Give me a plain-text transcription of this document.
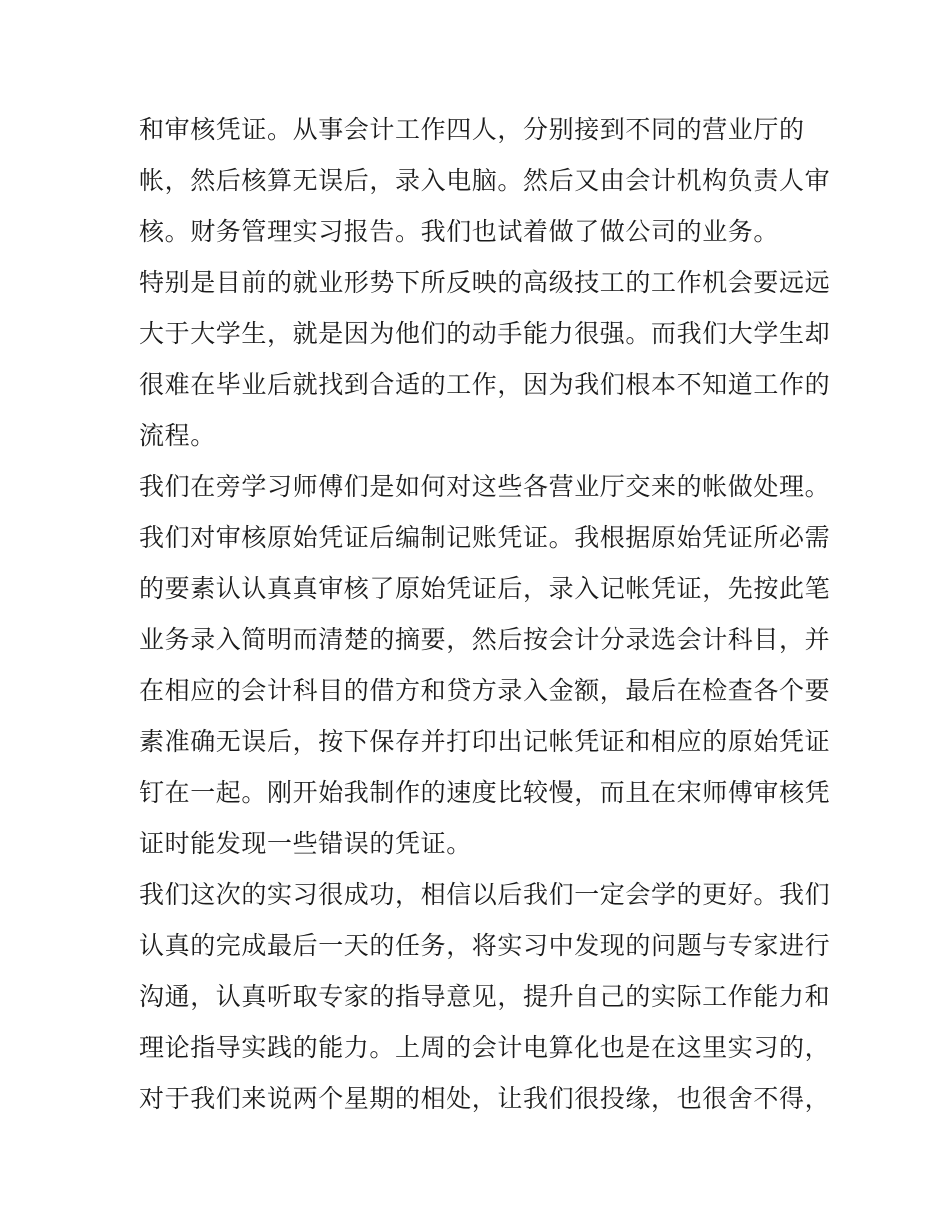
和审核凭证。从事会计工作四人，分别接到不同的营业厅的
帐，然后核算无误后，录入电脑。然后又由会计机构负责人审
核。财务管理实习报告。我们也试着做了做公司的业务。
特别是目前的就业形势下所反映的高级技工的工作机会要远远
大于大学生，就是因为他们的动手能力很强。而我们大学生却
很难在毕业后就找到合适的工作，因为我们根本不知道工作的
流程。
我们在旁学习师傅们是如何对这些各营业厅交来的帐做处理。
我们对审核原始凭证后编制记账凭证。我根据原始凭证所必需
的要素认认真真审核了原始凭证后，录入记帐凭证，先按此笔
业务录入简明而清楚的摘要，然后按会计分录选会计科目，并
在相应的会计科目的借方和贷方录入金额，最后在检查各个要
素准确无误后，按下保存并打印出记帐凭证和相应的原始凭证
钉在一起。刚开始我制作的速度比较慢，而且在宋师傅审核凭
证时能发现一些错误的凭证。
我们这次的实习很成功，相信以后我们一定会学的更好。我们
认真的完成最后一天的任务，将实习中发现的问题与专家进行
沟通，认真听取专家的指导意见，提升自己的实际工作能力和
理论指导实践的能力。上周的会计电算化也是在这里实习的，
对于我们来说两个星期的相处，让我们很投缘，也很舍不得，
